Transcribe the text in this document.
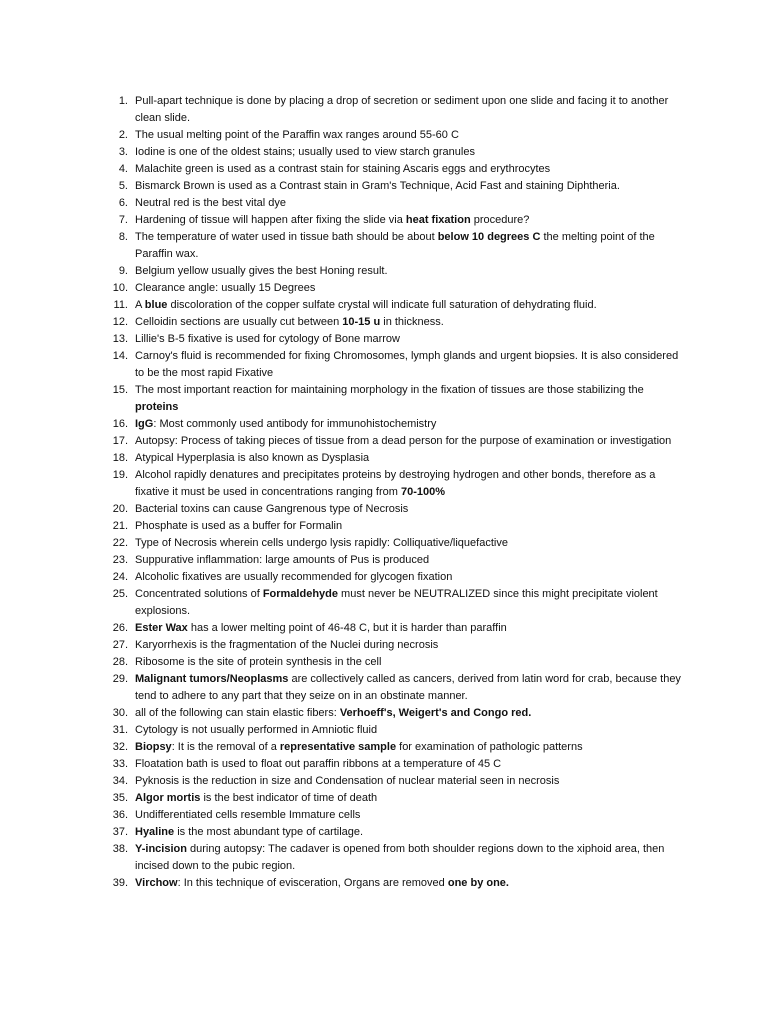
1. Pull-apart technique is done by placing a drop of secretion or sediment upon one slide and facing it to another clean slide.
2. The usual melting point of the Paraffin wax ranges around 55-60 C
3. Iodine is one of the oldest stains; usually used to view starch granules
4. Malachite green is used as a contrast stain for staining Ascaris eggs and erythrocytes
5. Bismarck Brown is used as a Contrast stain in Gram's Technique, Acid Fast and staining Diphtheria.
6. Neutral red is the best vital dye
7. Hardening of tissue will happen after fixing the slide via heat fixation procedure?
8. The temperature of water used in tissue bath should be about below 10 degrees C the melting point of the Paraffin wax.
9. Belgium yellow usually gives the best Honing result.
10. Clearance angle: usually 15 Degrees
11. A blue discoloration of the copper sulfate crystal will indicate full saturation of dehydrating fluid.
12. Celloidin sections are usually cut between 10-15 u in thickness.
13. Lillie's B-5 fixative is used for cytology of Bone marrow
14. Carnoy's fluid is recommended for fixing Chromosomes, lymph glands and urgent biopsies. It is also considered to be the most rapid Fixative
15. The most important reaction for maintaining morphology in the fixation of tissues are those stabilizing the proteins
16. IgG: Most commonly used antibody for immunohistochemistry
17. Autopsy: Process of taking pieces of tissue from a dead person for the purpose of examination or investigation
18. Atypical Hyperplasia is also known as Dysplasia
19. Alcohol rapidly denatures and precipitates proteins by destroying hydrogen and other bonds, therefore as a fixative it must be used in concentrations ranging from 70-100%
20. Bacterial toxins can cause Gangrenous type of Necrosis
21. Phosphate is used as a buffer for Formalin
22. Type of Necrosis wherein cells undergo lysis rapidly: Colliquative/liquefactive
23. Suppurative inflammation: large amounts of Pus is produced
24. Alcoholic fixatives are usually recommended for glycogen fixation
25. Concentrated solutions of Formaldehyde must never be NEUTRALIZED since this might precipitate violent explosions.
26. Ester Wax has a lower melting point of 46-48 C, but it is harder than paraffin
27. Karyorrhexis is the fragmentation of the Nuclei during necrosis
28. Ribosome is the site of protein synthesis in the cell
29. Malignant tumors/Neoplasms are collectively called as cancers, derived from latin word for crab, because they tend to adhere to any part that they seize on in an obstinate manner.
30. all of the following can stain elastic fibers: Verhoeff's, Weigert's and Congo red.
31. Cytology is not usually performed in Amniotic fluid
32. Biopsy: It is the removal of a representative sample for examination of pathologic patterns
33. Floatation bath is used to float out paraffin ribbons at a temperature of 45 C
34. Pyknosis is the reduction in size and Condensation of nuclear material seen in necrosis
35. Algor mortis is the best indicator of time of death
36. Undifferentiated cells resemble Immature cells
37. Hyaline is the most abundant type of cartilage.
38. Y-incision during autopsy: The cadaver is opened from both shoulder regions down to the xiphoid area, then incised down to the pubic region.
39. Virchow: In this technique of evisceration, Organs are removed one by one.
